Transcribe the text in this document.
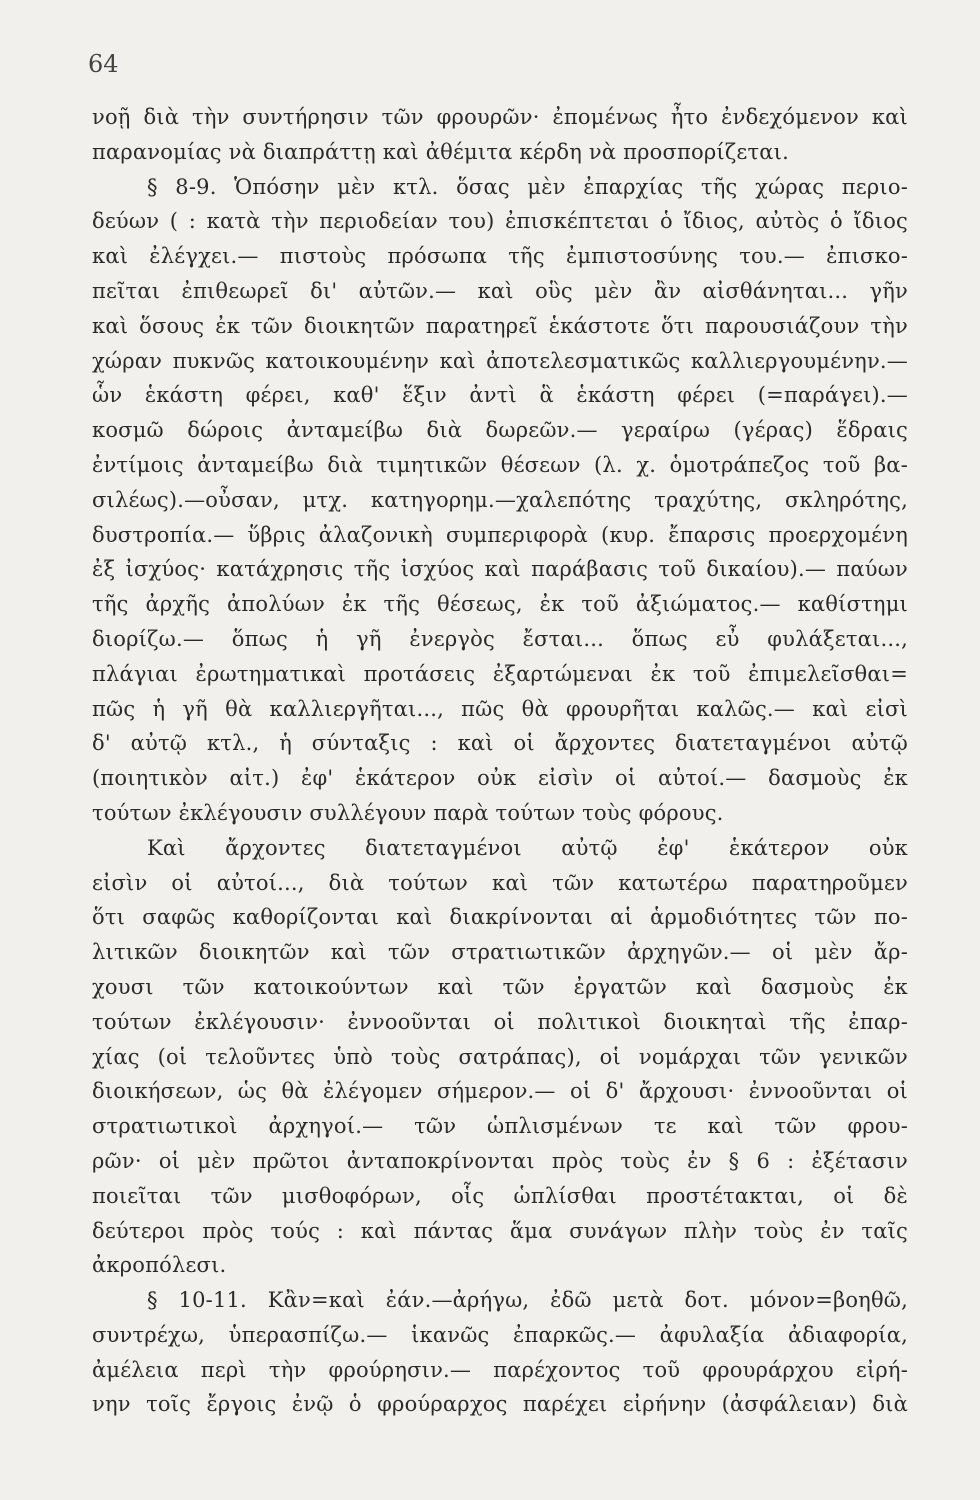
64
νοῇ διὰ τὴν συντήρησιν τῶν φρουρῶν· ἐπομένως ἦτο ἐνδεχόμενον καὶ
παρανομίας νὰ διαπράττῃ καὶ ἀθέμιτα κέρδη νὰ προσπορίζεται.
§ 8-9. Ὁπόσην μὲν κτλ. ὅσας μὲν ἐπαρχίας τῆς χώρας περιο-
δεύων ( : κατὰ τὴν περιοδείαν του) ἐπισκέπτεται ὁ ἴδιος, αὐτὸς ὁ ἴδιος
καὶ ἐλέγχει.— πιστοὺς πρόσωπα τῆς ἐμπιστοσύνης του.— ἐπισκο-
πεῖται ἐπιθεωρεῖ δι' αὐτῶν.— καὶ οὓς μὲν ἂν αἰσθάνηται... γῆν
καὶ ὅσους ἐκ τῶν διοικητῶν παρατηρεῖ ἑκάστοτε ὅτι παρουσιάζουν τὴν
χώραν πυκνῶς κατοικουμένην καὶ ἀποτελεσματικῶς καλλιεργουμένην.—
ὧν ἑκάστη φέρει, καθ' ἕξιν ἀντὶ ἃ ἑκάστη φέρει (=παράγει).—
κοσμῶ δώροις ἀνταμείβω διὰ δωρεῶν.— γεραίρω (γέρας) ἕδραις
ἐντίμοις ἀνταμείβω διὰ τιμητικῶν θέσεων (λ. χ. ὁμοτράπεζος τοῦ βα-
σιλέως).—οὖσαν, μτχ. κατηγορημ.—χαλεπότης τραχύτης, σκληρότης,
δυστροπία.— ὕβρις ἀλαζονικὴ συμπεριφορὰ (κυρ. ἔπαρσις προερχομένη
ἐξ ἰσχύος· κατάχρησις τῆς ἰσχύος καὶ παράβασις τοῦ δικαίου).— παύων
τῆς ἀρχῆς ἀπολύων ἐκ τῆς θέσεως, ἐκ τοῦ ἀξιώματος.— καθίστημι
διορίζω.— ὅπως ἡ γῆ ἐνεργὸς ἔσται... ὅπως εὖ φυλάξεται...,
πλάγιαι ἐρωτηματικαὶ προτάσεις ἐξαρτώμεναι ἐκ τοῦ ἐπιμελεῖσθαι=
πῶς ἡ γῆ θὰ καλλιεργῆται..., πῶς θὰ φρουρῆται καλῶς.— καὶ εἰσὶ
δ' αὐτῷ κτλ., ἡ σύνταξις : καὶ οἱ ἄρχοντες διατεταγμένοι αὐτῷ
(ποιητικὸν αἰτ.) ἐφ' ἑκάτερον οὐκ εἰσὶν οἱ αὐτοί.— δασμοὺς ἐκ
τούτων ἐκλέγουσιν συλλέγουν παρὰ τούτων τοὺς φόρους.
Καὶ ἄρχοντες διατεταγμένοι αὐτῷ ἐφ' ἑκάτερον οὐκ
εἰσὶν οἱ αὐτοί..., διὰ τούτων καὶ τῶν κατωτέρω παρατηροῦμεν
ὅτι σαφῶς καθορίζονται καὶ διακρίνονται αἱ ἁρμοδιότητες τῶν πο-
λιτικῶν διοικητῶν καὶ τῶν στρατιωτικῶν ἀρχηγῶν.— οἱ μὲν ἄρ-
χουσι τῶν κατοικούντων καὶ τῶν ἐργατῶν καὶ δασμοὺς ἐκ
τούτων ἐκλέγουσιν· ἐννοοῦνται οἱ πολιτικοὶ διοικηταὶ τῆς ἐπαρ-
χίας (οἱ τελοῦντες ὑπὸ τοὺς σατράπας), οἱ νομάρχαι τῶν γενικῶν
διοικήσεων, ὡς θὰ ἐλέγομεν σήμερον.— οἱ δ' ἄρχουσι· ἐννοοῦνται οἱ
στρατιωτικοὶ ἀρχηγοί.— τῶν ὡπλισμένων τε καὶ τῶν φρου-
ρῶν· οἱ μὲν πρῶτοι ἀνταποκρίνονται πρὸς τοὺς ἐν § 6 : ἐξέτασιν
ποιεῖται τῶν μισθοφόρων, οἷς ὡπλίσθαι προστέτακται, οἱ δὲ
δεύτεροι πρὸς τούς : καὶ πάντας ἅμα συνάγων πλὴν τοὺς ἐν ταῖς
ἀκροπόλεσι.
§ 10-11. Κἂν=καὶ ἐάν.—ἀρήγω, ἐδῶ μετὰ δοτ. μόνον=βοηθῶ,
συντρέχω, ὑπερασπίζω.— ἱκανῶς ἐπαρκῶς.— ἀφυλαξία ἀδιαφορία,
ἀμέλεια περὶ τὴν φρούρησιν.— παρέχοντος τοῦ φρουράρχου εἰρή-
νην τοῖς ἔργοις ἐνῷ ὁ φρούραρχος παρέχει εἰρήνην (ἀσφάλειαν) διὰ
